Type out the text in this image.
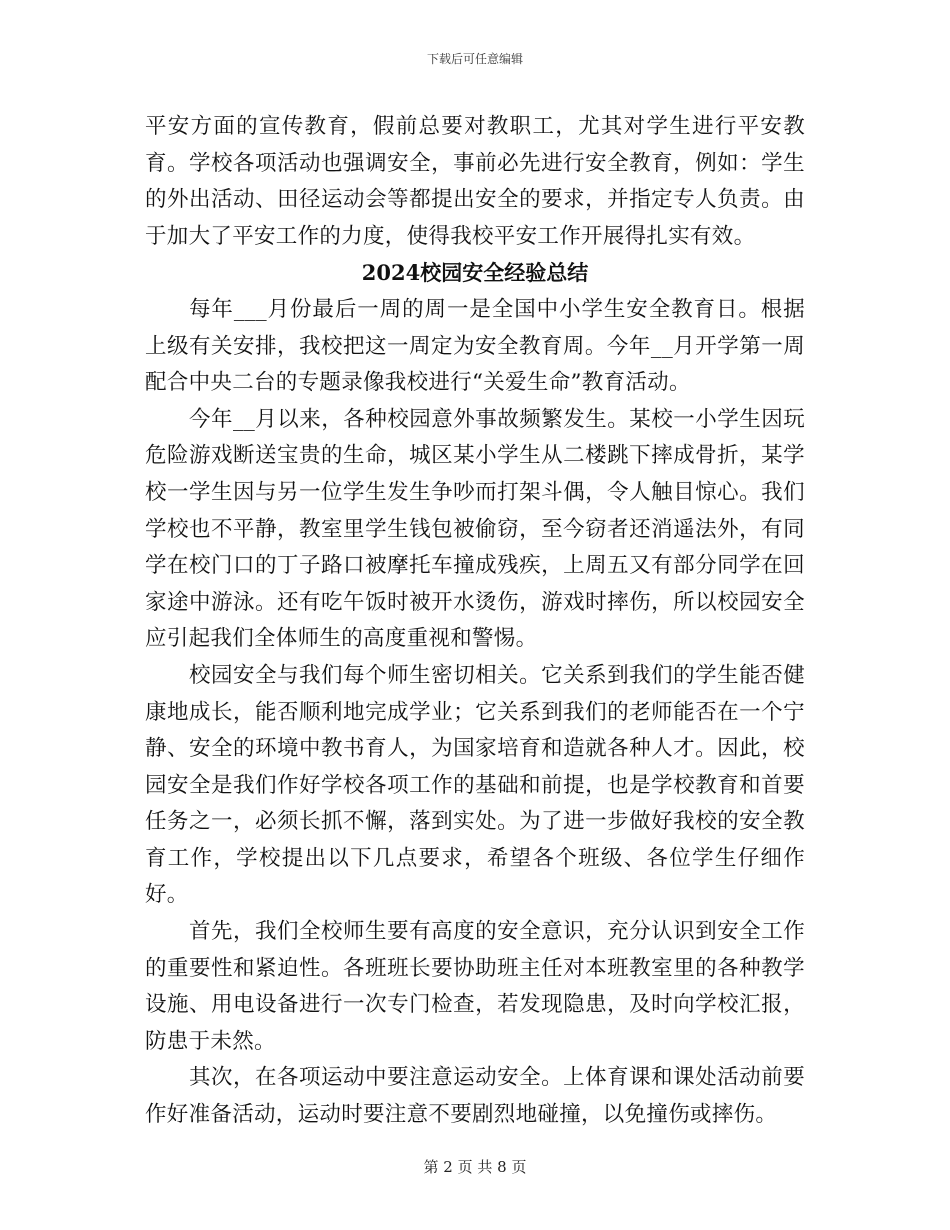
下载后可任意编辑

平安方面的宣传教育，假前总要对教职工，尤其对学生进行平安教育。学校各项活动也强调安全，事前必先进行安全教育，例如：学生的外出活动、田径运动会等都提出安全的要求，并指定专人负责。由于加大了平安工作的力度，使得我校平安工作开展得扎实有效。

2024校园安全经验总结

每年___月份最后一周的周一是全国中小学生安全教育日。根据上级有关安排，我校把这一周定为安全教育周。今年__月开学第一周配合中央二台的专题录像我校进行“关爱生命”教育活动。

今年__月以来，各种校园意外事故频繁发生。某校一小学生因玩危险游戏断送宝贵的生命，城区某小学生从二楼跳下摔成骨折，某学校一学生因与另一位学生发生争吵而打架斗偶，令人触目惊心。我们学校也不平静，教室里学生钱包被偷窃，至今窃者还消遥法外，有同学在校门口的丁子路口被摩托车撞成残疾，上周五又有部分同学在回家途中游泳。还有吃午饭时被开水烫伤，游戏时摔伤，所以校园安全应引起我们全体师生的高度重视和警惕。

校园安全与我们每个师生密切相关。它关系到我们的学生能否健康地成长，能否顺利地完成学业；它关系到我们的老师能否在一个宁静、安全的环境中教书育人，为国家培育和造就各种人才。因此，校园安全是我们作好学校各项工作的基础和前提，也是学校教育和首要任务之一，必须长抓不懈，落到实处。为了进一步做好我校的安全教育工作，学校提出以下几点要求，希望各个班级、各位学生仔细作好。

首先，我们全校师生要有高度的安全意识，充分认识到安全工作的重要性和紧迫性。各班班长要协助班主任对本班教室里的各种教学设施、用电设备进行一次专门检查，若发现隐患，及时向学校汇报，防患于未然。

其次，在各项运动中要注意运动安全。上体育课和课处活动前要作好准备活动，运动时要注意不要剧烈地碰撞，以免撞伤或摔伤。

第 2 页 共 8 页
